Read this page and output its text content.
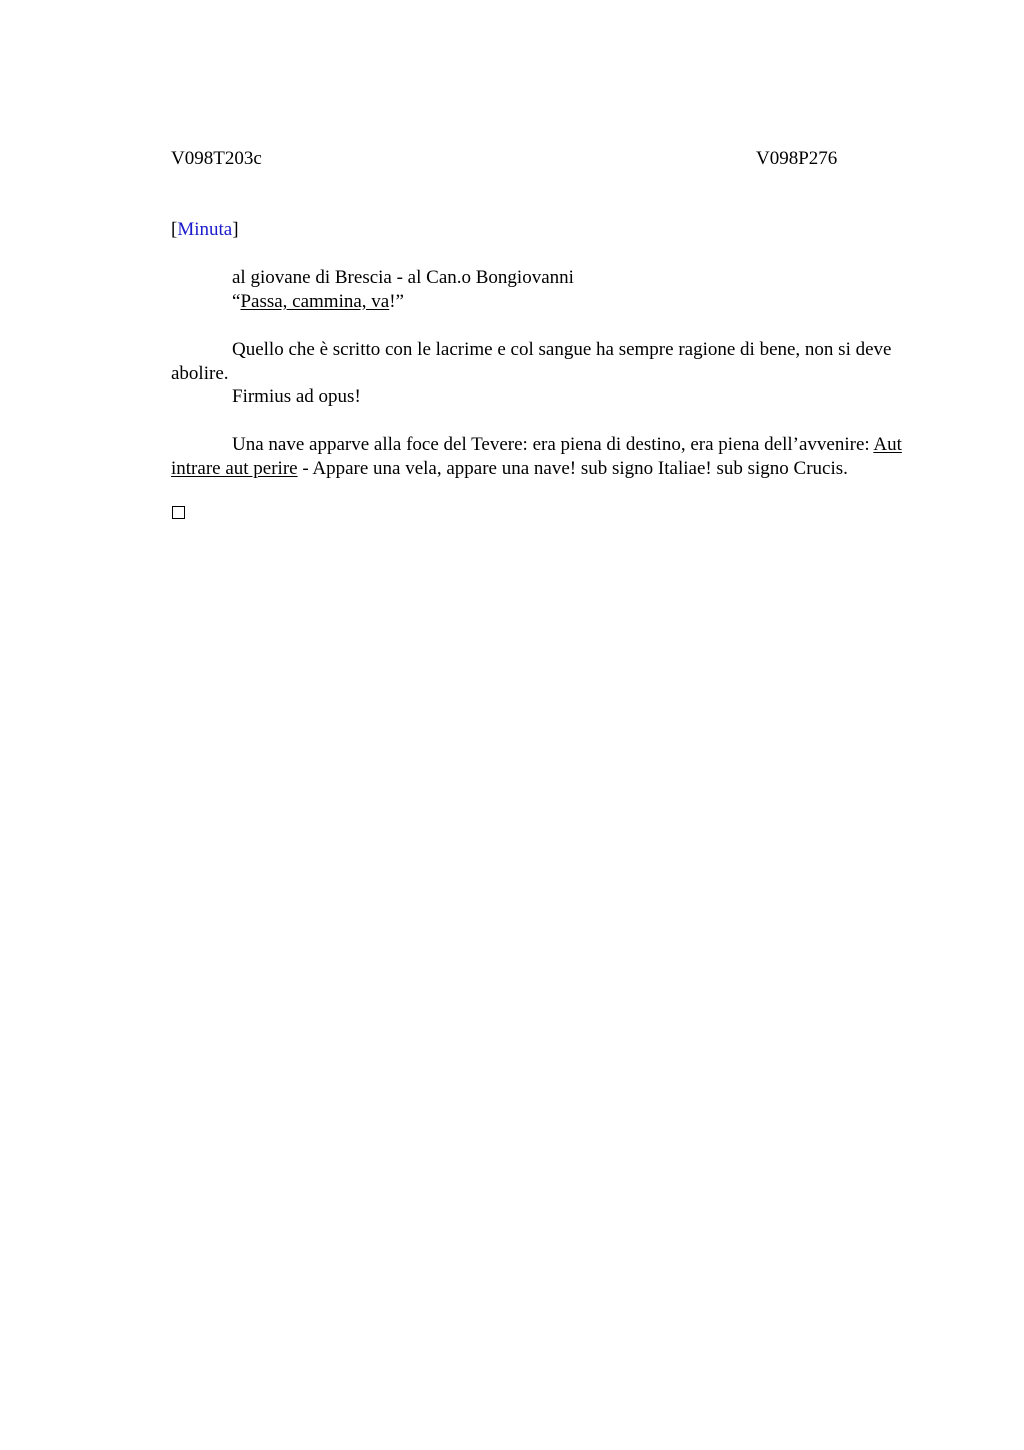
V098T203c	V098P276
[Minuta]
al giovane di Brescia - al Can.o Bongiovanni
“Passa, cammina, va!”
Quello che è scritto con le lacrime e col sangue ha sempre ragione di bene, non si deve abolire.
Firmius ad opus!
Una nave apparve alla foce del Tevere: era piena di destino, era piena dell’avvenire: Aut intrare aut perire - Appare una vela, appare una nave! sub signo Italiae! sub signo Crucis.
